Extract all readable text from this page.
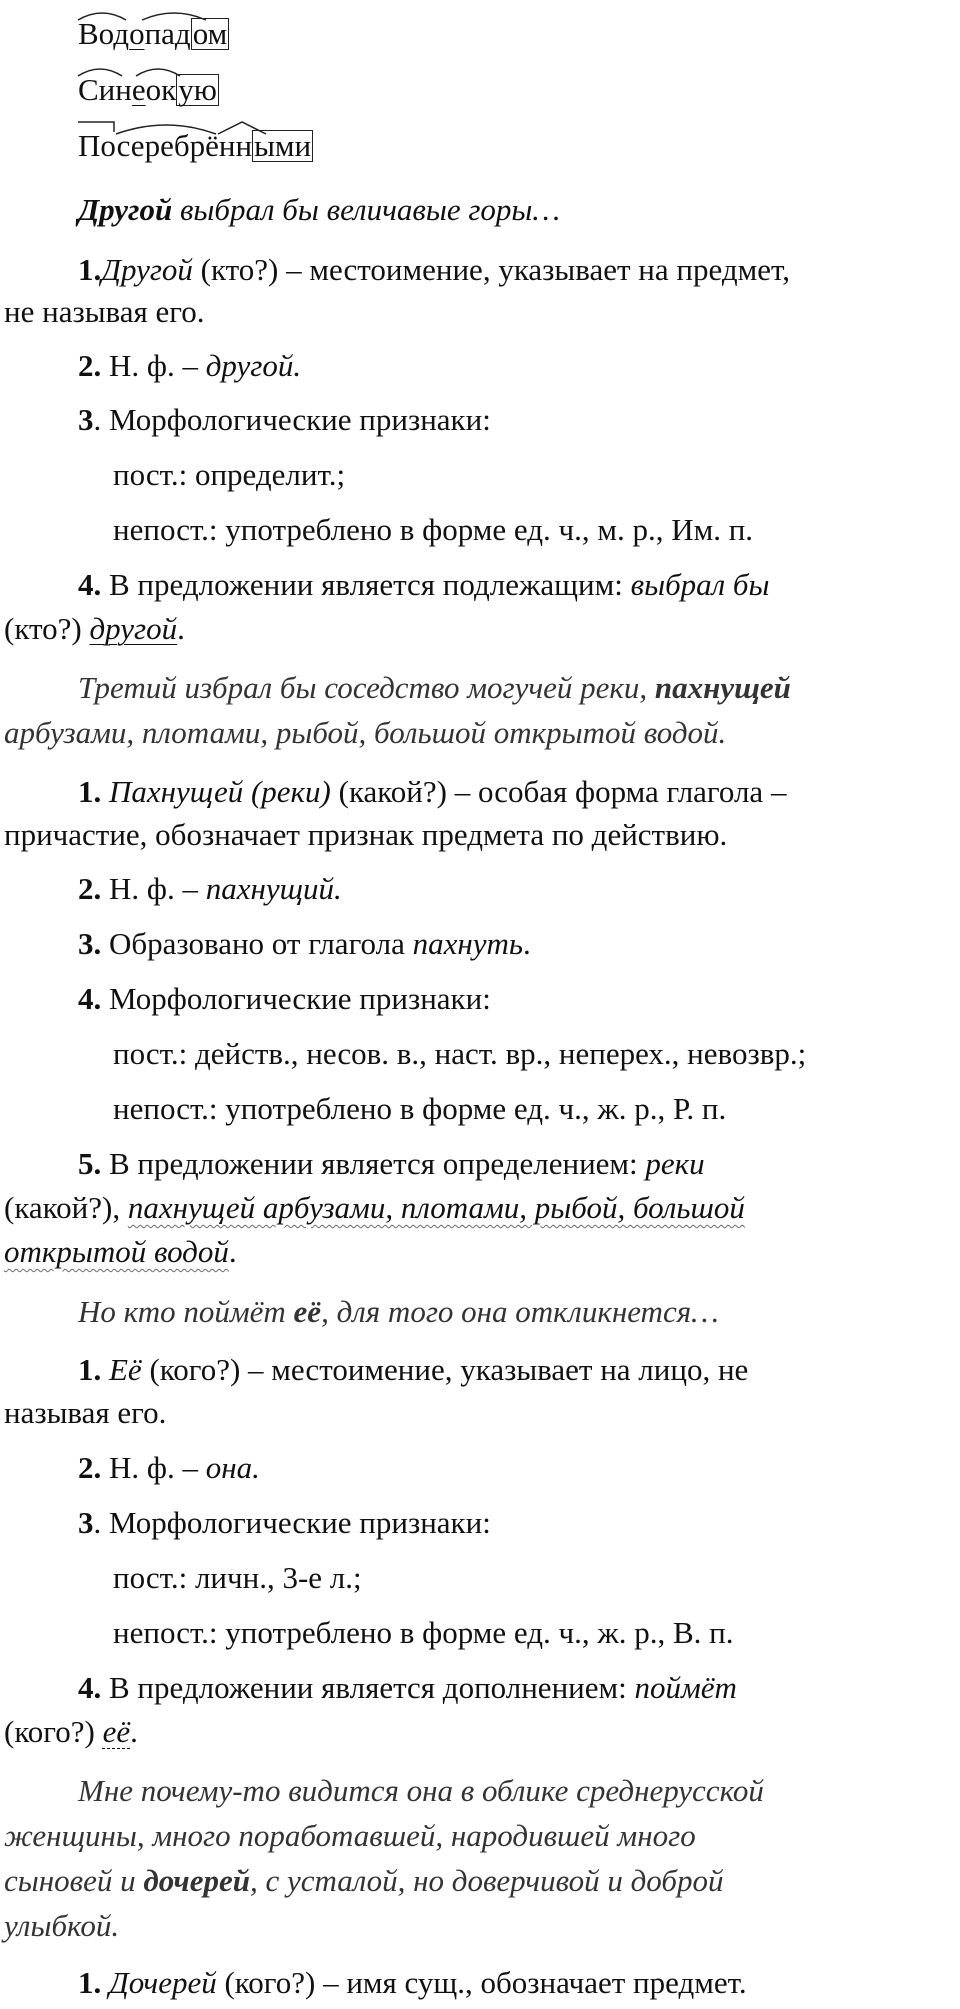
Водопадом
Синеокую
Посеребрёнными
Другой выбрал бы величавые горы…
1.Другой (кто?) – местоимение, указывает на предмет,
не называя его.
2. Н. ф. – другой.
3. Морфологические признаки:
пост.: определит.;
непост.: употреблено в форме ед. ч., м. р., Им. п.
4. В предложении является подлежащим: выбрал бы
(кто?) другой.
Третий избрал бы соседство могучей реки, пахнущей
арбузами, плотами, рыбой, большой открытой водой.
1. Пахнущей (реки) (какой?) – особая форма глагола –
причастие, обозначает признак предмета по действию.
2. Н. ф. – пахнущий.
3. Образовано от глагола пахнуть.
4. Морфологические признаки:
пост.: действ., несов. в., наст. вр., неперех., невозвр.;
непост.: употреблено в форме ед. ч., ж. р., Р. п.
5. В предложении является определением: реки
(какой?), пахнущей арбузами, плотами, рыбой, большой
открытой водой.
Но кто поймёт её, для того она откликнется…
1. Её (кого?) – местоимение, указывает на лицо, не
называя его.
2. Н. ф. – она.
3. Морфологические признаки:
пост.: личн., 3-е л.;
непост.: употреблено в форме ед. ч., ж. р., В. п.
4. В предложении является дополнением: поймёт
(кого?) её.
Мне почему-то видится она в облике среднерусской
женщины, много поработавшей, народившей много
сыновей и дочерей, с усталой, но доверчивой и доброй
улыбкой.
1. Дочерей (кого?) – имя сущ., обозначает предмет.
